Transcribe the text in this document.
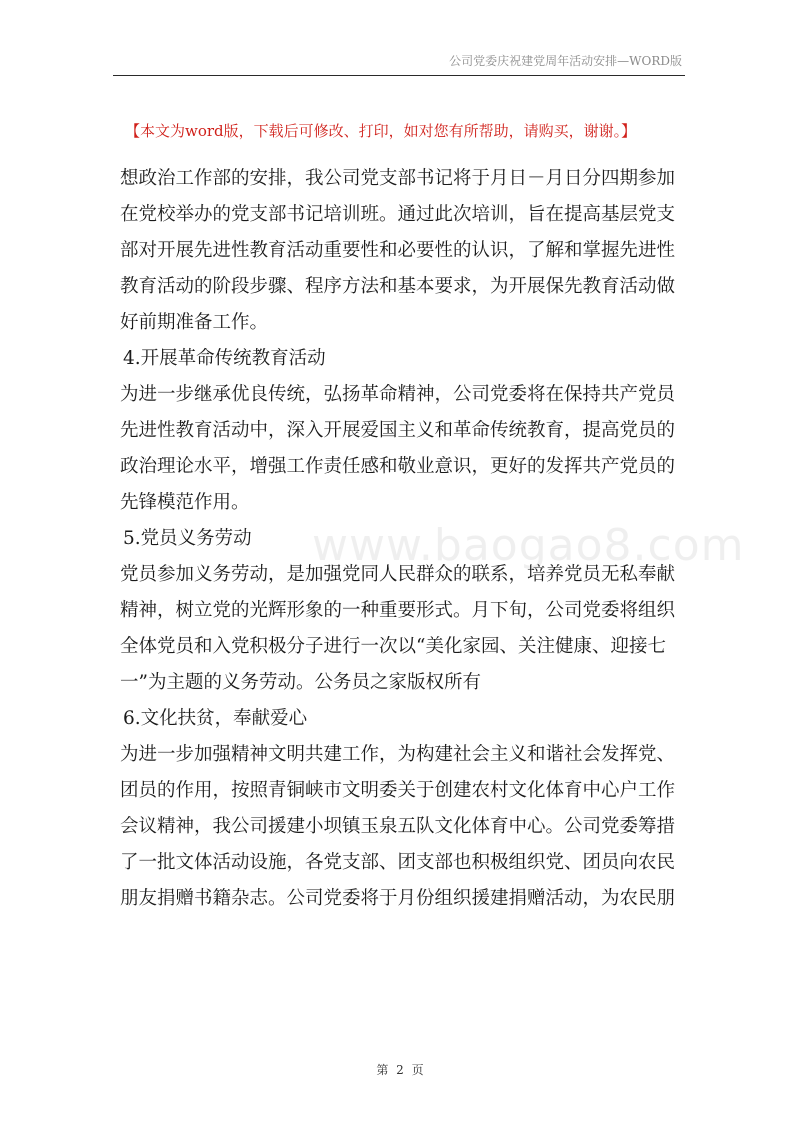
公司党委庆祝建党周年活动安排—WORD版
【本文为word版，下载后可修改、打印，如对您有所帮助，请购买，谢谢。】
www.baogao8.com
想政治工作部的安排，我公司党支部书记将于月日－月日分四期参加
在党校举办的党支部书记培训班。通过此次培训，旨在提高基层党支
部对开展先进性教育活动重要性和必要性的认识，了解和掌握先进性
教育活动的阶段步骤、程序方法和基本要求，为开展保先教育活动做
好前期准备工作。
4.开展革命传统教育活动
为进一步继承优良传统，弘扬革命精神，公司党委将在保持共产党员
先进性教育活动中，深入开展爱国主义和革命传统教育，提高党员的
政治理论水平，增强工作责任感和敬业意识，更好的发挥共产党员的
先锋模范作用。
5.党员义务劳动
党员参加义务劳动，是加强党同人民群众的联系，培养党员无私奉献
精神，树立党的光辉形象的一种重要形式。月下旬，公司党委将组织
全体党员和入党积极分子进行一次以“美化家园、关注健康、迎接七
一”为主题的义务劳动。公务员之家版权所有
6.文化扶贫，奉献爱心
为进一步加强精神文明共建工作，为构建社会主义和谐社会发挥党、
团员的作用，按照青铜峡市文明委关于创建农村文化体育中心户工作
会议精神，我公司援建小坝镇玉泉五队文化体育中心。公司党委筹措
了一批文体活动设施，各党支部、团支部也积极组织党、团员向农民
朋友捐赠书籍杂志。公司党委将于月份组织援建捐赠活动，为农民朋
第 2 页
